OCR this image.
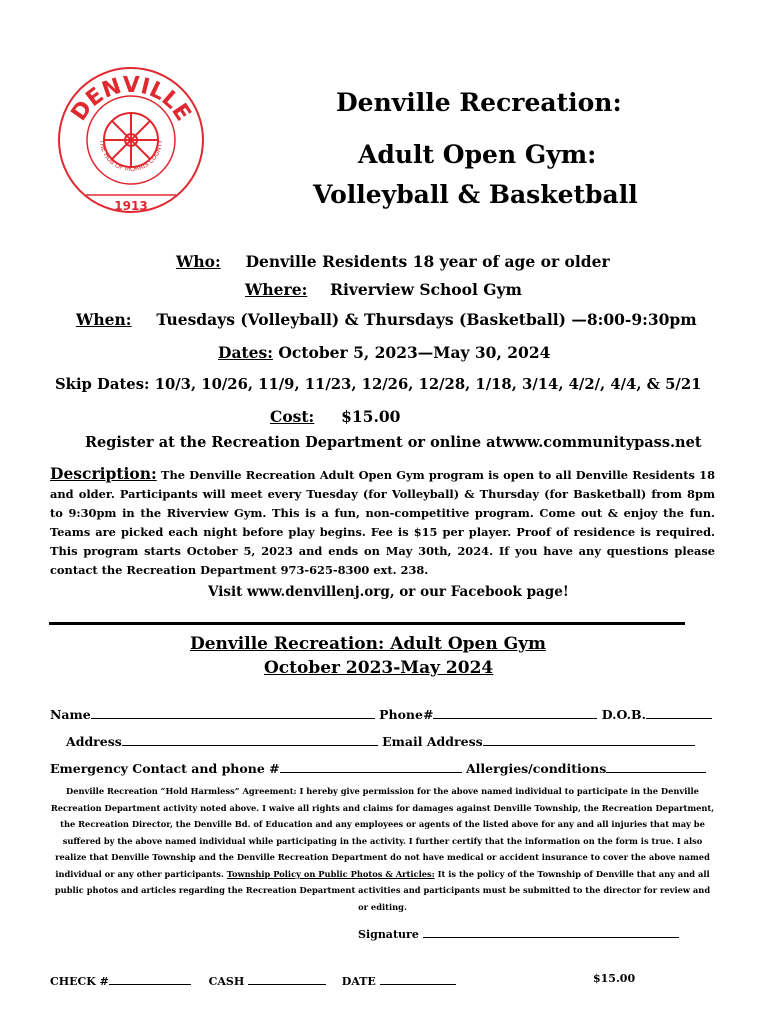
DENVILLE
THE HUB OF MORRIS COUNTY
1913
Denville Recreation:
Adult Open Gym:
Volleyball & Basketball
Who: Denville Residents 18 year of age or older
Where: Riverview School Gym
When: Tuesdays (Volleyball) & Thursdays (Basketball) —8:00-9:30pm
Dates: October 5, 2023—May 30, 2024
Skip Dates: 10/3, 10/26, 11/9, 11/23, 12/26, 12/28, 1/18, 3/14, 4/2/, 4/4, & 5/21
Cost: $15.00
Register at the Recreation Department or online atwww.communitypass.net
Description: The Denville Recreation Adult Open Gym program is open to all Denville Residents 18 and older. Participants will meet every Tuesday (for Volleyball) & Thursday (for Basketball) from 8pm to 9:30pm in the Riverview Gym. This is a fun, non-competitive program. Come out & enjoy the fun. Teams are picked each night before play begins. Fee is $15 per player. Proof of residence is required. This program starts October 5, 2023 and ends on May 30th, 2024. If you have any questions please contact the Recreation Department 973-625-8300 ext. 238.
Visit www.denvillenj.org, or our Facebook page!
Denville Recreation: Adult Open Gym
October 2023-May 2024
Name	Phone#	D.O.B.
Address	Email Address
Emergency Contact and phone #	Allergies/conditions
Denville Recreation “Hold Harmless” Agreement: I hereby give permission for the above named individual to participate in the Denville Recreation Department activity noted above. I waive all rights and claims for damages against Denville Township, the Recreation Department, the Recreation Director, the Denville Bd. of Education and any employees or agents of the listed above for any and all injuries that may be suffered by the above named individual while participating in the activity. I further certify that the information on the form is true. I also realize that Denville Township and the Denville Recreation Department do not have medical or accident insurance to cover the above named individual or any other participants. Township Policy on Public Photos & Articles: It is the policy of the Township of Denville that any and all public photos and articles regarding the Recreation Department activities and participants must be submitted to the director for review and or editing.
Signature
CHECK #	CASH	DATE	$15.00
